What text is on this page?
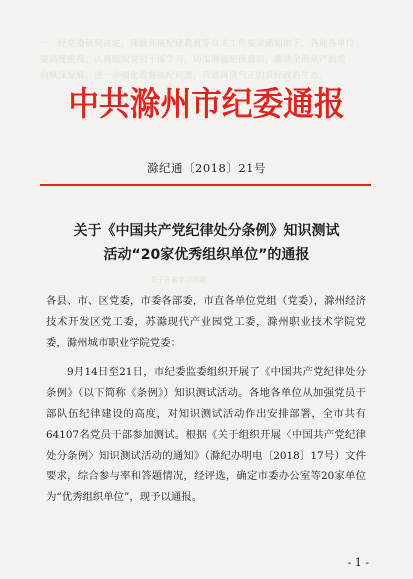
一、经党委研究决定，现就开展纪律教育等有关工作要求通知如下，各地各单位
要高度重视，认真组织党员干部学习，切实增强纪律意识，推动全面从严治党
向纵深发展，进一步强化监督执纪问责，营造风清气正的良好政治生态。
中共滁州市纪委通报
滁纪通〔2018〕21号
关于《中国共产党纪律处分条例》知识测试
活动“20家优秀组织单位”的通报
关于开展学习活动

各县、市、区党委，市委各部委，市直各单位党组（党委），滁州经济技术开发区党工委，苏滁现代产业园党工委，滁州职业技术学院党委，滁州城市职业学院党委：

9月14日至21日，市纪委监委组织开展了《中国共产党纪律处分条例》（以下简称《条例》）知识测试活动。各地各单位从加强党员干部队伍纪律建设的高度，对知识测试活动作出安排部署，全市共有64107名党员干部参加测试。根据《关于组织开展〈中国共产党纪律处分条例〉知识测试活动的通知》（滁纪办明电〔2018〕17号）文件要求，综合参与率和答题情况，经评选，确定市委办公室等20家单位为“优秀组织单位”，现予以通报。

- 1 -
